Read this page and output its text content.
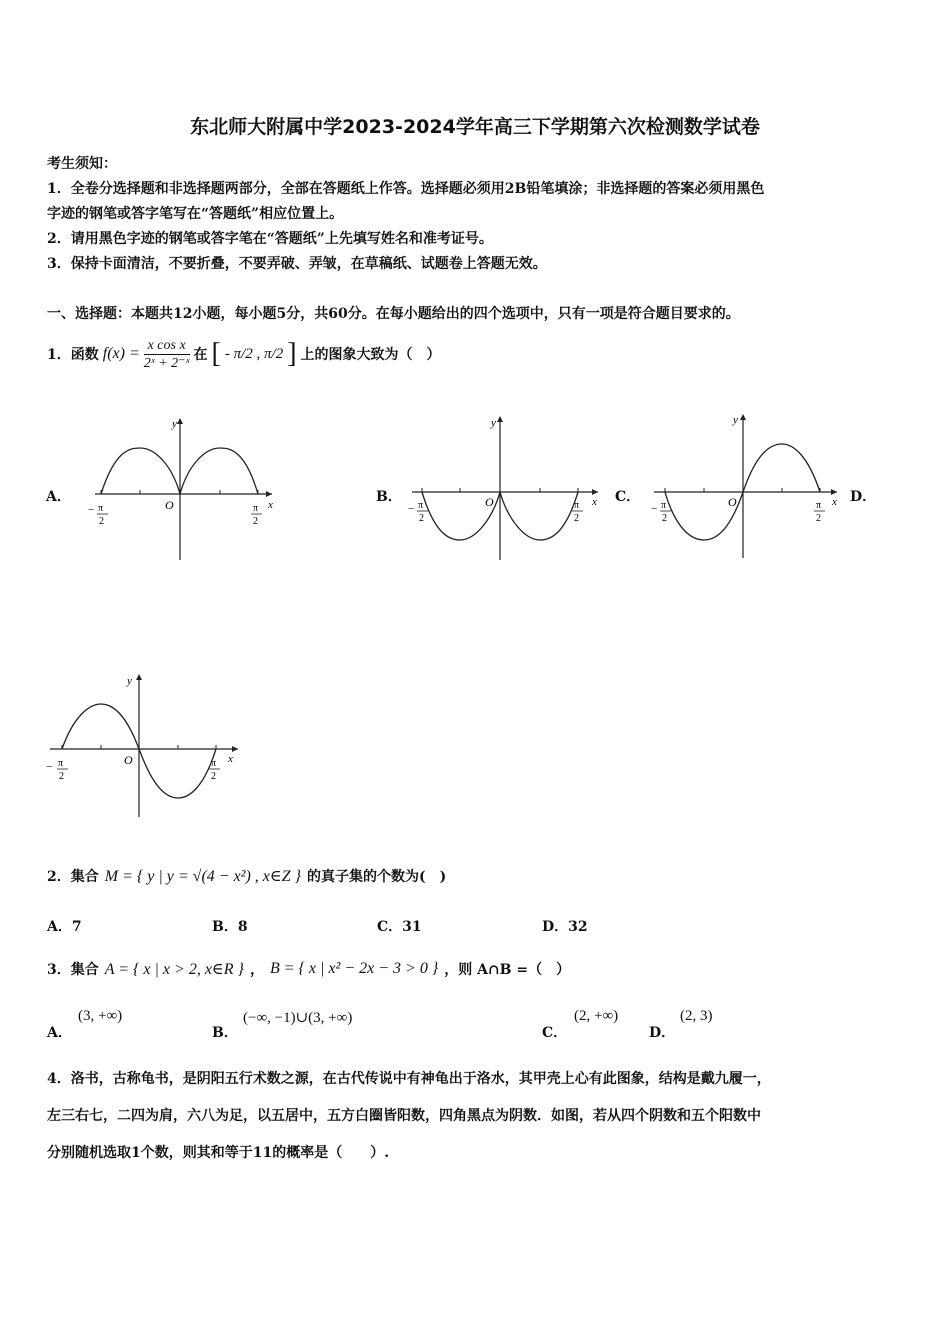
东北师大附属中学2023-2024学年高三下学期第六次检测数学试卷
考生须知：
1．全卷分选择题和非选择题两部分，全部在答题纸上作答。选择题必须用2B铅笔填涂；非选择题的答案必须用黑色
字迹的钢笔或答字笔写在“答题纸”相应位置上。
2．请用黑色字迹的钢笔或答字笔在“答题纸”上先填写姓名和准考证号。
3．保持卡面清洁，不要折叠，不要弄破、弄皱，在草稿纸、试题卷上答题无效。
一、选择题：本题共12小题，每小题5分，共60分。在每小题给出的四个选项中，只有一项是符合题目要求的。
1．函数 $f(x) = \frac{\text{x cos x}}{\text{2ˣ + 2⁻ˣ}}$ 在 [ - π/2 , π/2 ] 上的图象大致为（　）
A．	B．	C．	D．
y
x
O
− π
2
π
2
y
x
O
− π
2
π
2
y
x
O
− π
2
π
2
y
x
O
− π
2
π
2
2．集合 M = { y | y = √(4 − x²) , x∈Z } 的真子集的个数为(　)
A．7	B．8	C．31	D．32
3．集合 A = { x | x > 2, x∈R } ， B = { x | x² − 2x − 3 > 0 } ，则 A∩B =（　）
A．
(3, +∞)
B．
(−∞, −1)∪(3, +∞)
C．
(2, +∞)
D．
(2, 3)
4．洛书，古称龟书，是阴阳五行术数之源，在古代传说中有神龟出于洛水，其甲壳上心有此图象，结构是戴九履一，
左三右七，二四为肩，六八为足，以五居中，五方白圈皆阳数，四角黑点为阴数．如图，若从四个阴数和五个阳数中
分别随机选取1个数，则其和等于11的概率是（　　）.
